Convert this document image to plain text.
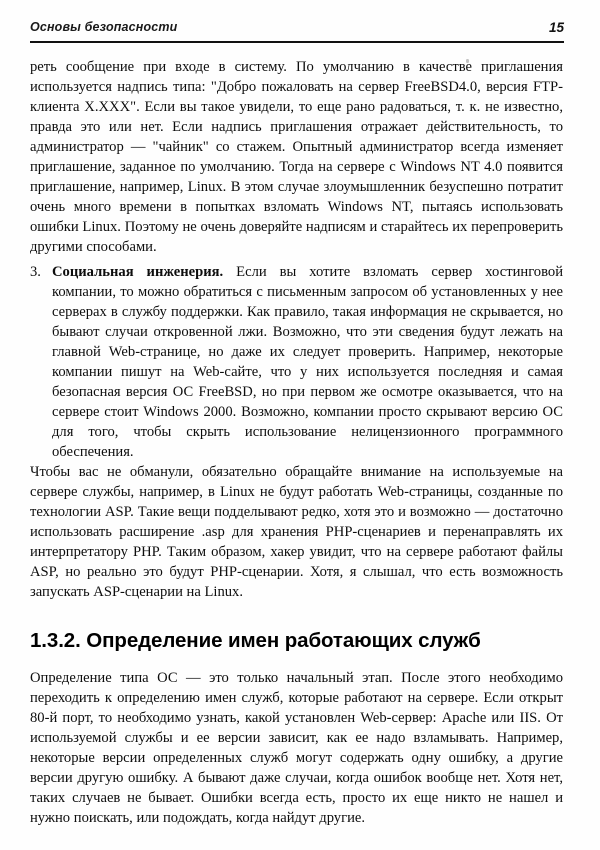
Основы безопасности	15

реть сообщение при входе в систему. По умолчанию в качестве приглашения используется надпись типа: "Добро пожаловать на сервер FreeBSD4.0, версия FTP-клиента X.XXX". Если вы такое увидели, то еще рано радоваться, т. к. не известно, правда это или нет. Если надпись приглашения отражает действительность, то администратор — "чайник" со стажем. Опытный администратор всегда изменяет приглашение, заданное по умолчанию. Тогда на сервере с Windows NT 4.0 появится приглашение, например, Linux. В этом случае злоумышленник безуспешно потратит очень много времени в попытках взломать Windows NT, пытаясь использовать ошибки Linux. Поэтому не очень доверяйте надписям и старайтесь их перепроверить другими способами.

3. Социальная инженерия. Если вы хотите взломать сервер хостинговой компании, то можно обратиться с письменным запросом об установленных у нее серверах в службу поддержки. Как правило, такая информация не скрывается, но бывают случаи откровенной лжи. Возможно, что эти сведения будут лежать на главной Web-странице, но даже их следует проверить. Например, некоторые компании пишут на Web-сайте, что у них используется последняя и самая безопасная версия ОС FreeBSD, но при первом же осмотре оказывается, что на сервере стоит Windows 2000. Возможно, компании просто скрывают версию ОС для того, чтобы скрыть использование нелицензионного программного обеспечения.

Чтобы вас не обманули, обязательно обращайте внимание на используемые на сервере службы, например, в Linux не будут работать Web-страницы, созданные по технологии ASP. Такие вещи подделывают редко, хотя это и возможно — достаточно использовать расширение .asp для хранения PHP-сценариев и перенаправлять их интерпретатору PHP. Таким образом, хакер увидит, что на сервере работают файлы ASP, но реально это будут PHP-сценарии. Хотя, я слышал, что есть возможность запускать ASP-сценарии на Linux.

1.3.2. Определение имен работающих служб

Определение типа ОС — это только начальный этап. После этого необходимо переходить к определению имен служб, которые работают на сервере. Если открыт 80-й порт, то необходимо узнать, какой установлен Web-сервер: Apache или IIS. От используемой службы и ее версии зависит, как ее надо взламывать. Например, некоторые версии определенных служб могут содержать одну ошибку, а другие версии другую ошибку. А бывают даже случаи, когда ошибок вообще нет. Хотя нет, таких случаев не бывает. Ошибки всегда есть, просто их еще никто не нашел и нужно поискать, или подождать, когда найдут другие.
